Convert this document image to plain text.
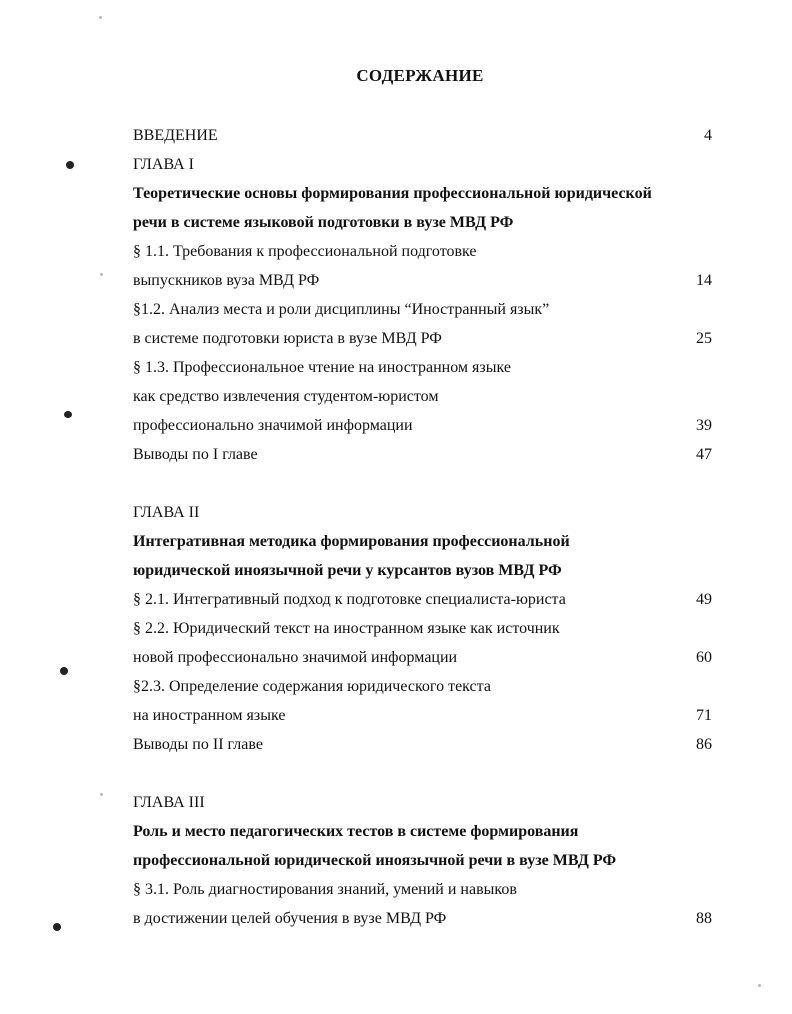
СОДЕРЖАНИЕ
ВВЕДЕНИЕ	4
ГЛАВА I
Теоретические основы формирования профессиональной юридической
речи в системе языковой подготовки в вузе МВД РФ
§ 1.1. Требования к профессиональной подготовке
выпускников вуза МВД РФ	14
§1.2. Анализ места и роли дисциплины “Иностранный язык”
в системе подготовки юриста в вузе МВД РФ	25
§ 1.3. Профессиональное чтение на иностранном языке
как средство извлечения студентом-юристом
профессионально значимой информации	39
Выводы по I главе	47
ГЛАВА II
Интегративная методика формирования профессиональной
юридической иноязычной речи у курсантов вузов МВД РФ
§ 2.1. Интегративный подход к подготовке специалиста-юриста	49
§ 2.2. Юридический текст на иностранном языке как источник
новой профессионально значимой информации	60
§2.3. Определение содержания юридического текста
на иностранном языке	71
Выводы по II главе	86
ГЛАВА III
Роль и место педагогических тестов в системе формирования
профессиональной юридической иноязычной речи в вузе МВД РФ
§ 3.1. Роль диагностирования знаний, умений и навыков
в достижении целей обучения в вузе МВД РФ	88
